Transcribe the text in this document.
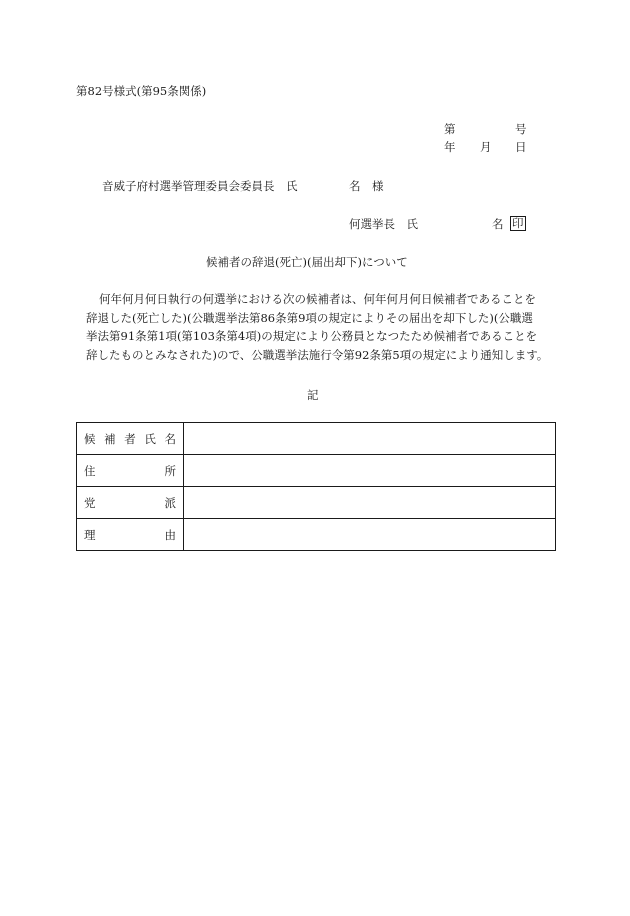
第82号様式(第95条関係)
第	号
年 月 日
音威子府村選挙管理委員会委員長　氏	名 様
何選挙長　氏	名 印
候補者の辞退(死亡)(届出却下)について

何年何月何日執行の何選挙における次の候補者は、何年何月何日候補者であることを

辞退した(死亡した)(公職選挙法第86条第9項の規定によりその届出を却下した)(公職選

挙法第91条第1項(第103条第4項)の規定により公務員となつたため候補者であることを

辞したものとみなされた)ので、公職選挙法施行令第92条第5項の規定により通知します。

記
候 補 者 氏 名	

住 所	

党 派	

理 由	
